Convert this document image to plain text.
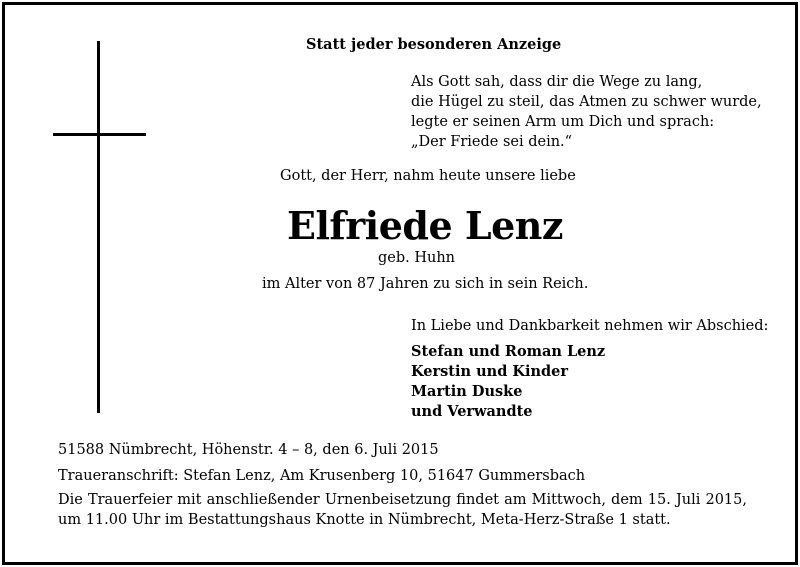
Statt jeder besonderen Anzeige
Als Gott sah, dass dir die Wege zu lang,
die Hügel zu steil, das Atmen zu schwer wurde,
legte er seinen Arm um Dich und sprach:
„Der Friede sei dein.“
Gott, der Herr, nahm heute unsere liebe
Elfriede Lenz
geb. Huhn
im Alter von 87 Jahren zu sich in sein Reich.
In Liebe und Dankbarkeit nehmen wir Abschied:
Stefan und Roman Lenz
Kerstin und Kinder
Martin Duske
und Verwandte
51588 Nümbrecht, Höhenstr. 4 – 8, den 6. Juli 2015
Traueranschrift: Stefan Lenz, Am Krusenberg 10, 51647 Gummersbach
Die Trauerfeier mit anschließender Urnenbeisetzung findet am Mittwoch, dem 15. Juli 2015, um 11.00 Uhr im Bestattungshaus Knotte in Nümbrecht, Meta-Herz-Straße 1 statt.
